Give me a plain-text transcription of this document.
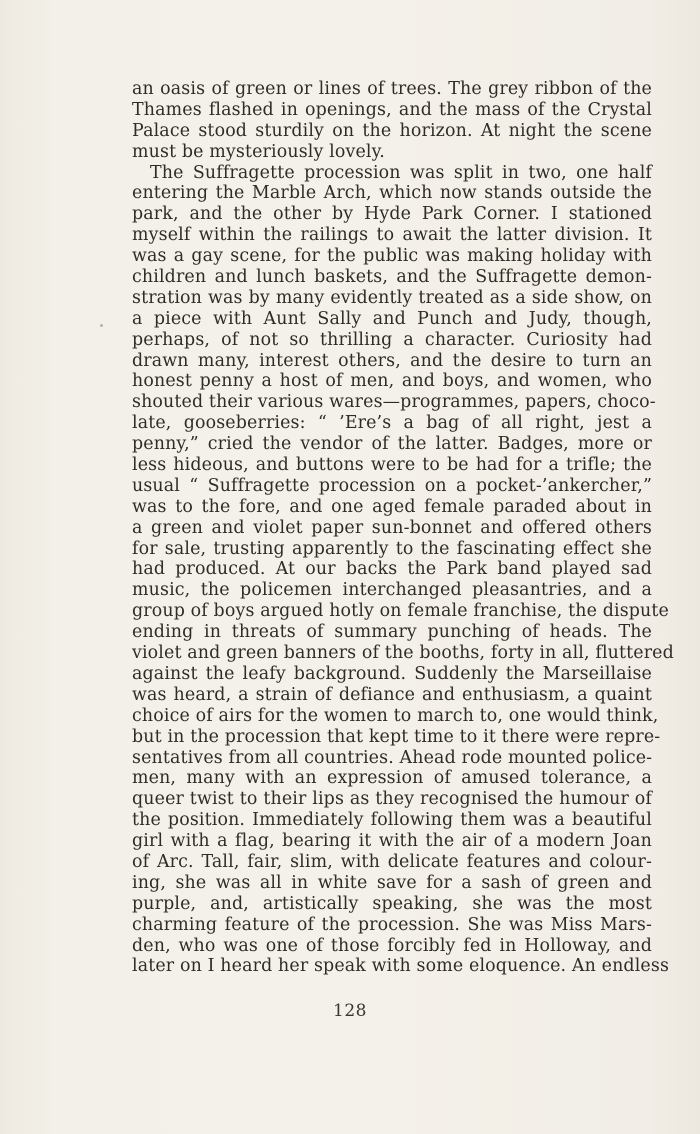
an oasis of green or lines of trees. The grey ribbon of the
Thames flashed in openings, and the mass of the Crystal
Palace stood sturdily on the horizon. At night the scene
must be mysteriously lovely.
The Suffragette procession was split in two, one half
entering the Marble Arch, which now stands outside the
park, and the other by Hyde Park Corner. I stationed
myself within the railings to await the latter division. It
was a gay scene, for the public was making holiday with
children and lunch baskets, and the Suffragette demon-
stration was by many evidently treated as a side show, on
a piece with Aunt Sally and Punch and Judy, though,
perhaps, of not so thrilling a character. Curiosity had
drawn many, interest others, and the desire to turn an
honest penny a host of men, and boys, and women, who
shouted their various wares—programmes, papers, choco-
late, gooseberries: “ ’Ere’s a bag of all right, jest a
penny,” cried the vendor of the latter. Badges, more or
less hideous, and buttons were to be had for a trifle; the
usual “ Suffragette procession on a pocket-’ankercher,”
was to the fore, and one aged female paraded about in
a green and violet paper sun-bonnet and offered others
for sale, trusting apparently to the fascinating effect she
had produced. At our backs the Park band played sad
music, the policemen interchanged pleasantries, and a
group of boys argued hotly on female franchise, the dispute
ending in threats of summary punching of heads. The
violet and green banners of the booths, forty in all, fluttered
against the leafy background. Suddenly the Marseillaise
was heard, a strain of defiance and enthusiasm, a quaint
choice of airs for the women to march to, one would think,
but in the procession that kept time to it there were repre-
sentatives from all countries. Ahead rode mounted police-
men, many with an expression of amused tolerance, a
queer twist to their lips as they recognised the humour of
the position. Immediately following them was a beautiful
girl with a flag, bearing it with the air of a modern Joan
of Arc. Tall, fair, slim, with delicate features and colour-
ing, she was all in white save for a sash of green and
purple, and, artistically speaking, she was the most
charming feature of the procession. She was Miss Mars-
den, who was one of those forcibly fed in Holloway, and
later on I heard her speak with some eloquence. An endless
128
